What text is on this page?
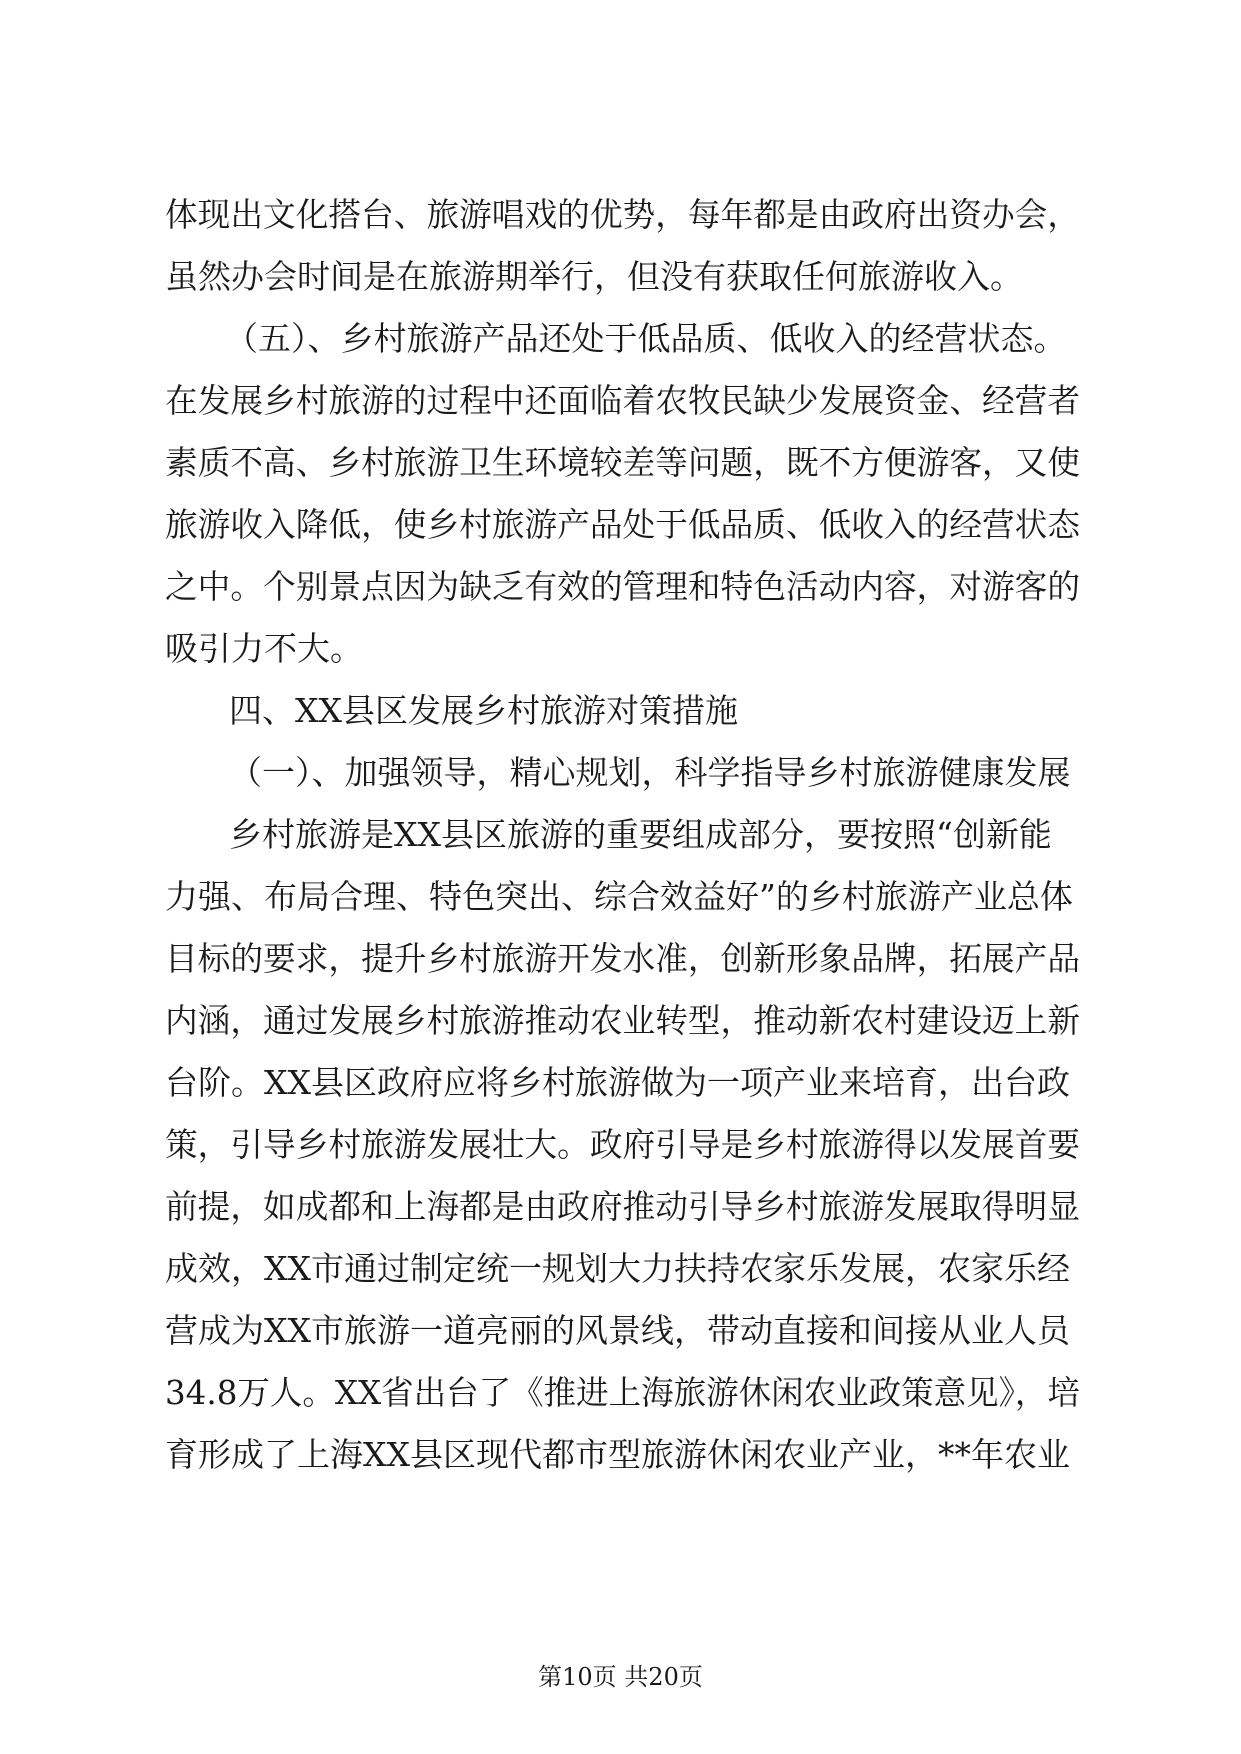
体现出文化搭台、旅游唱戏的优势，每年都是由政府出资办会，
虽然办会时间是在旅游期举行，但没有获取任何旅游收入。
（五）、乡村旅游产品还处于低品质、低收入的经营状态。
在发展乡村旅游的过程中还面临着农牧民缺少发展资金、经营者
素质不高、乡村旅游卫生环境较差等问题，既不方便游客，又使
旅游收入降低，使乡村旅游产品处于低品质、低收入的经营状态
之中。个别景点因为缺乏有效的管理和特色活动内容，对游客的
吸引力不大。
四、XX县区发展乡村旅游对策措施
（一）、加强领导，精心规划，科学指导乡村旅游健康发展
乡村旅游是XX县区旅游的重要组成部分，要按照“创新能
力强、布局合理、特色突出、综合效益好”的乡村旅游产业总体
目标的要求，提升乡村旅游开发水准，创新形象品牌，拓展产品
内涵，通过发展乡村旅游推动农业转型，推动新农村建设迈上新
台阶。XX县区政府应将乡村旅游做为一项产业来培育，出台政
策，引导乡村旅游发展壮大。政府引导是乡村旅游得以发展首要
前提，如成都和上海都是由政府推动引导乡村旅游发展取得明显
成效，XX市通过制定统一规划大力扶持农家乐发展，农家乐经
营成为XX市旅游一道亮丽的风景线，带动直接和间接从业人员
34.8万人。XX省出台了《推进上海旅游休闲农业政策意见》，培
育形成了上海XX县区现代都市型旅游休闲农业产业，**年农业
第10页 共20页
